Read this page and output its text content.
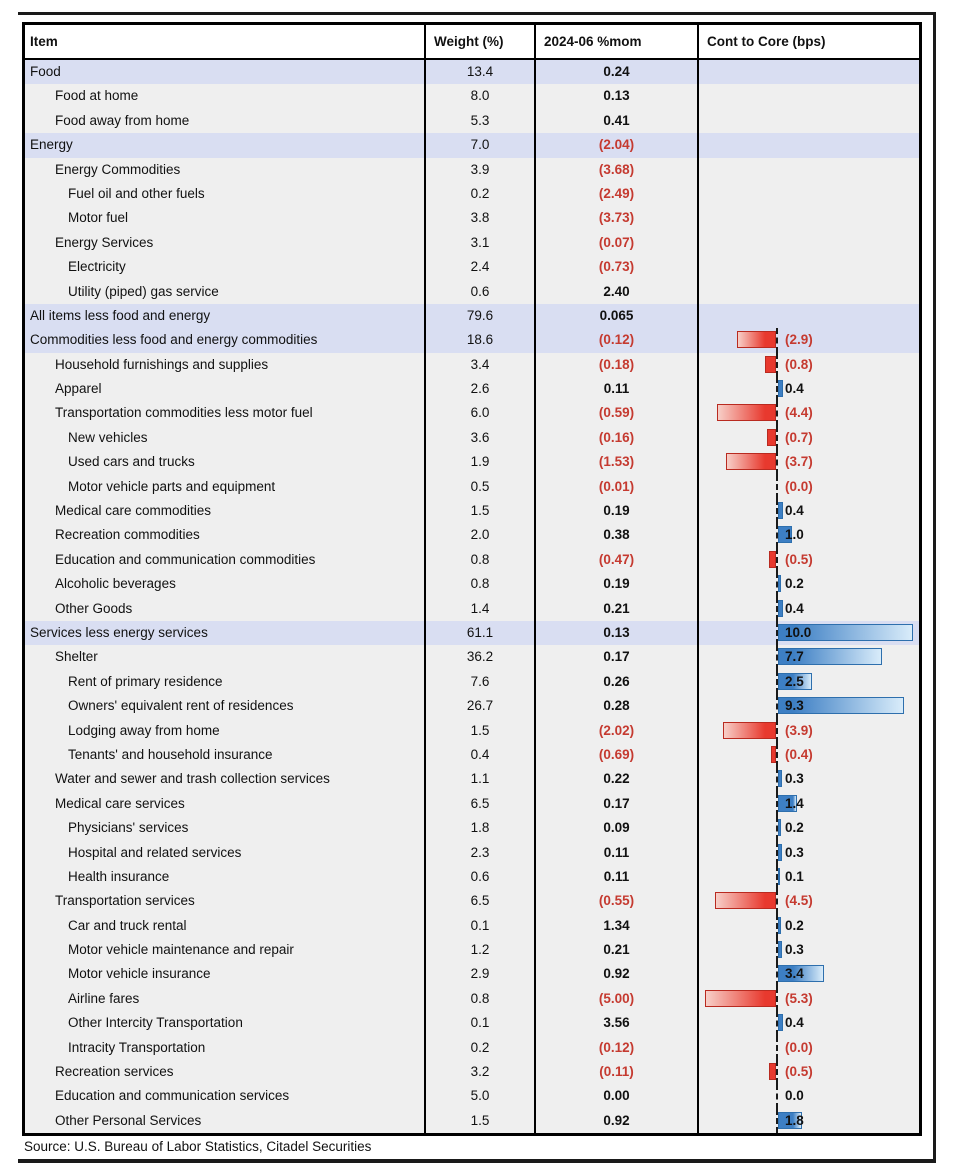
Item	Weight (%)	2024-06 %mom	Cont to Core (bps)
Food	13.4	0.24
Food at home	8.0	0.13
Food away from home	5.3	0.41
Energy	7.0	(2.04)
Energy Commodities	3.9	(3.68)
Fuel oil and other fuels	0.2	(2.49)
Motor fuel	3.8	(3.73)
Energy Services	3.1	(0.07)
Electricity	2.4	(0.73)
Utility (piped) gas service	0.6	2.40
All items less food and energy	79.6	0.065
Commodities less food and energy commodities	18.6	(0.12)	(2.9)
Household furnishings and supplies	3.4	(0.18)	(0.8)
Apparel	2.6	0.11	0.4
Transportation commodities less motor fuel	6.0	(0.59)	(4.4)
New vehicles	3.6	(0.16)	(0.7)
Used cars and trucks	1.9	(1.53)	(3.7)
Motor vehicle parts and equipment	0.5	(0.01)	(0.0)
Medical care commodities	1.5	0.19	0.4
Recreation commodities	2.0	0.38	1.0
Education and communication commodities	0.8	(0.47)	(0.5)
Alcoholic beverages	0.8	0.19	0.2
Other Goods	1.4	0.21	0.4
Services less energy services	61.1	0.13	10.0
Shelter	36.2	0.17	7.7
Rent of primary residence	7.6	0.26	2.5
Owners' equivalent rent of residences	26.7	0.28	9.3
Lodging away from home	1.5	(2.02)	(3.9)
Tenants' and household insurance	0.4	(0.69)	(0.4)
Water and sewer and trash collection services	1.1	0.22	0.3
Medical care services	6.5	0.17	1.4
Physicians' services	1.8	0.09	0.2
Hospital and related services	2.3	0.11	0.3
Health insurance	0.6	0.11	0.1
Transportation services	6.5	(0.55)	(4.5)
Car and truck rental	0.1	1.34	0.2
Motor vehicle maintenance and repair	1.2	0.21	0.3
Motor vehicle insurance	2.9	0.92	3.4
Airline fares	0.8	(5.00)	(5.3)
Other Intercity Transportation	0.1	3.56	0.4
Intracity Transportation	0.2	(0.12)	(0.0)
Recreation services	3.2	(0.11)	(0.5)
Education and communication services	5.0	0.00	0.0
Other Personal Services	1.5	0.92	1.8
Source: U.S. Bureau of Labor Statistics, Citadel Securities
